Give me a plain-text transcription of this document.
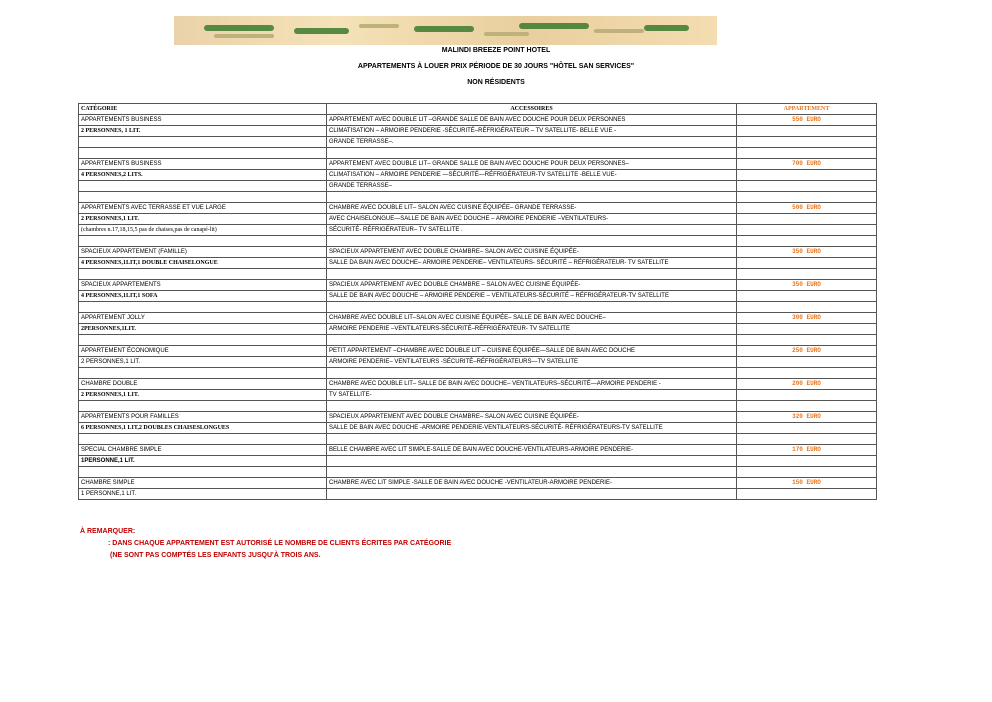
MALINDI BREEZE POINT HOTEL
APPARTEMENTS À LOUER PRIX PÉRIODE DE 30 JOURS "HÔTEL SAN SERVICES"
NON RÉSIDENTS
CATÉGORIE	ACCESSOIRES	APPARTEMENT
APPARTEMENTS BUSINESS	APPARTEMENT AVEC DOUBLE LIT –GRANDE SALLE DE BAIN AVEC DOUCHE POUR DEUX PERSONNES	550 EURO
2 PERSONNES, 1 LIT.	CLIMATISATION – ARMOIRE PENDERIE -SÉCURITÉ–RÉFRIGÉRATEUR – TV SATELLITE- BELLE VUE -	
	GRANDE TERRASSE–.	

APPARTEMENTS BUSINESS	APPARTEMENT AVEC DOUBLE LIT– GRANDE SALLE DE BAIN AVEC DOUCHE POUR DEUX PERSONNES–	700 EURO
4 PERSONNES,2 LITS.	CLIMATISATION – ARMOIRE PENDERIE —SÉCURITÉ—RÉFRIGÉRATEUR-TV SATELLITE -BELLE VUE-	
	GRANDE TERRASSE–	

APPARTEMENTS AVEC TERRASSE ET VUE LARGE	CHAMBRE AVEC DOUBLE LIT– SALON AVEC CUISINE ÉQUIPÉE– GRANDE TERRASSE-	500 EURO
2 PERSONNES,1 LIT.	AVEC CHAISELONGUE—SALLE DE BAIN AVEC DOUCHE – ARMOIRE PENDERIE –VENTILATEURS-	
(chambres n.17,18,15,5 pas de chaises,pas de canapé-lit)	SÉCURITÉ- RÉFRIGÉRATEUR– TV SATELLITE .	

SPACIEUX APPARTEMENT (FAMILLE)	SPACIEUX APPARTEMENT AVEC DOUBLE CHAMBRE– SALON AVEC CUISINE ÉQUIPÉE-	350 EURO
4 PERSONNES,1LIT,1 DOUBLE CHAISELONGUE	SALLE DA BAIN AVEC DOUCHE– ARMOIRE PENDERIE– VENTILATEURS- SÉCURITÉ – RÉFRIGÉRATEUR- TV SATELLITE	

SPACIEUX APPARTEMENTS	SPACIEUX APPARTEMENT AVEC DOUBLE CHAMBRE – SALON AVEC CUISINE ÉQUIPÉE-	350 EURO
4 PERSONNES,1LIT,1 SOFA	SALLE DE BAIN AVEC DOUCHE – ARMOIRE PENDERIE – VENTILATEURS-SÉCURITÉ – RÉFRIGÉRATEUR-TV SATELLITE	

APPARTEMENT JOLLY	CHAMBRE AVEC DOUBLE LIT–SALON AVEC CUISINE ÉQUIPÉE– SALLE DE BAIN AVEC DOUCHE–	300 EURO
2PERSONNES,1LIT.	ARMOIRE PENDERIE –VENTILATEURS-SÉCURITÉ–RÉFRIGÉRATEUR- TV SATELLITE	

APPARTEMENT ÉCONOMIQUE	PETIT APPARTEMENT –CHAMBRE AVEC DOUBLE LIT – CUISINE ÉQUIPÉE—SALLE DE BAIN AVEC DOUCHE	250 EURO
2 PERSONNES,1 LIT.	ARMOIRE PENDERIE– VENTILATEURS -SÉCURITÉ–RÉFRIGÉRATEURS—TV SATELLITE	

CHAMBRE DOUBLE	CHAMBRE AVEC DOUBLE LIT– SALLE DE BAIN AVEC DOUCHE– VENTILATEURS–SÉCURITÉ—ARMOIRE PENDERIE -	200 EURO
2 PERSONNES,1 LIT.	TV SATELLITE-	

APPARTEMENTS POUR FAMILLES	SPACIEUX APPARTEMENT AVEC DOUBLE CHAMBRE– SALON AVEC CUISINE ÉQUIPÉE-	320 EURO
6 PERSONNES,1 LIT,2 DOUBLES CHAISESLONGUES	SALLE DE BAIN AVEC DOUCHE -ARMOIRE PENDERIE-VENTILATEURS-SÉCURITÉ- RÉFRIGÉRATEURS-TV SATELLITE	

SPECIAL CHAMBRE SIMPLE	BELLE CHAMBRE AVEC LIT SIMPLE-SALLE DE BAIN AVEC DOUCHE-VENTILATEURS-ARMOIRE PENDERIE-	170 EURO
1PERSONNE,1 LIT.		

CHAMBRE SIMPLE	CHAMBRE AVEC LIT SIMPLE -SALLE DE BAIN AVEC DOUCHE -VENTILATEUR-ARMOIRE PENDERIE-	150 EURO
1 PERSONNE,1 LIT.		
À REMARQUER:
: DANS CHAQUE APPARTEMENT EST AUTORISÉ LE NOMBRE DE CLIENTS ÉCRITES PAR CATÉGORIE
(NE SONT PAS COMPTÉS LES ENFANTS JUSQU'À TROIS ANS.
